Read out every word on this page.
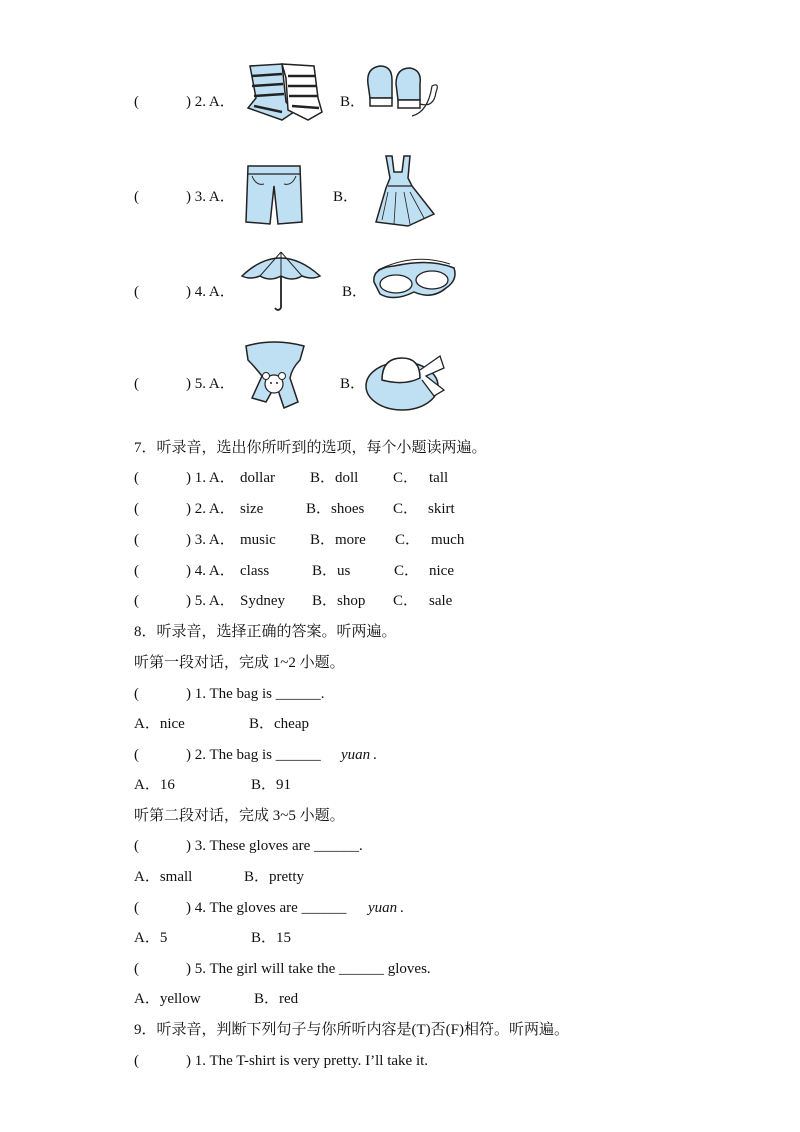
(	) 2. A．	B．
(	) 3. A．	B．
(	) 4. A．	B．
(	) 5. A．	B．
7．听录音，选出你所听到的选项，每个小题读两遍。
(	) 1. A． dollar B．doll C． tall
(	) 2. A． size	B．shoes C． skirt
(	) 3. A． music B．more C． much
(	) 4. A． class	B．us	C． nice
(	) 5. A． Sydney B．shop C． sale
8．听录音，选择正确的答案。听两遍。
听第一段对话，完成 1~2 小题。
(	) 1. The bag is ______.
A．nice	B．cheap
(	) 2. The bag is ______ yuan .
A．16	B．91
听第二段对话，完成 3~5 小题。
(	) 3. These gloves are ______.
A．small	B．pretty
(	) 4. The gloves are ______ yuan .
A．5	B．15
(	) 5. The girl will take the ______ gloves.
A．yellow	B．red
9．听录音，判断下列句子与你所听内容是(T)否(F)相符。听两遍。
(	) 1. The T-shirt is very pretty. I’ll take it.
